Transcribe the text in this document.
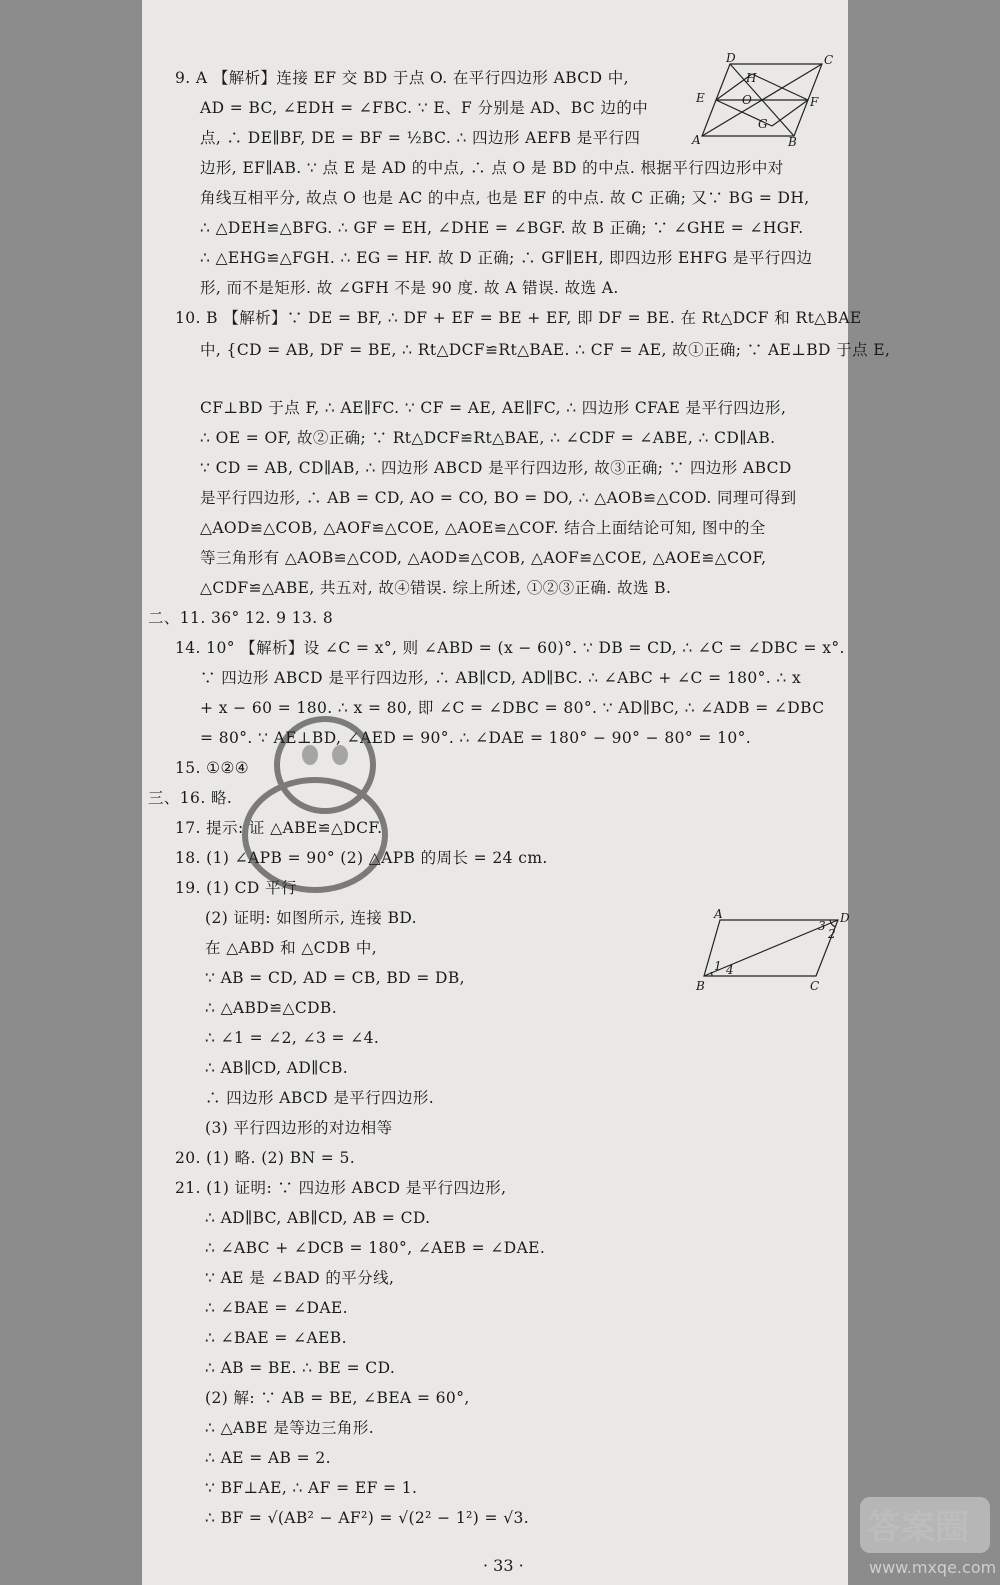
9. A 【解析】连接 EF 交 BD 于点 O. 在平行四边形 ABCD 中,
AD = BC, ∠EDH = ∠FBC. ∵ E、F 分别是 AD、BC 边的中
点, ∴ DE∥BF, DE = BF = ½BC. ∴ 四边形 AEFB 是平行四
边形, EF∥AB. ∵ 点 E 是 AD 的中点, ∴ 点 O 是 BD 的中点. 根据平行四边形中对
角线互相平分, 故点 O 也是 AC 的中点, 也是 EF 的中点. 故 C 正确; 又∵ BG = DH,
∴ △DEH≌△BFG. ∴ GF = EH, ∠DHE = ∠BGF. 故 B 正确; ∵ ∠GHE = ∠HGF.
∴ △EHG≌△FGH. ∴ EG = HF. 故 D 正确; ∴ GF∥EH, 即四边形 EHFG 是平行四边
形, 而不是矩形. 故 ∠GFH 不是 90 度. 故 A 错误. 故选 A.
10. B 【解析】∵ DE = BF, ∴ DF + EF = BE + EF, 即 DF = BE. 在 Rt△DCF 和 Rt△BAE
中, {CD = AB, DF = BE, ∴ Rt△DCF≌Rt△BAE. ∴ CF = AE, 故①正确; ∵ AE⊥BD 于点 E,
CF⊥BD 于点 F, ∴ AE∥FC. ∵ CF = AE, AE∥FC, ∴ 四边形 CFAE 是平行四边形,
∴ OE = OF, 故②正确; ∵ Rt△DCF≌Rt△BAE, ∴ ∠CDF = ∠ABE, ∴ CD∥AB.
∵ CD = AB, CD∥AB, ∴ 四边形 ABCD 是平行四边形, 故③正确; ∵ 四边形 ABCD
是平行四边形, ∴ AB = CD, AO = CO, BO = DO, ∴ △AOB≌△COD. 同理可得到
△AOD≌△COB, △AOF≌△COE, △AOE≌△COF. 结合上面结论可知, 图中的全
等三角形有 △AOB≌△COD, △AOD≌△COB, △AOF≌△COE, △AOE≌△COF,
△CDF≌△ABE, 共五对, 故④错误. 综上所述, ①②③正确. 故选 B.
二、11. 36° 12. 9 13. 8
14. 10° 【解析】设 ∠C = x°, 则 ∠ABD = (x − 60)°. ∵ DB = CD, ∴ ∠C = ∠DBC = x°.
∵ 四边形 ABCD 是平行四边形, ∴ AB∥CD, AD∥BC. ∴ ∠ABC + ∠C = 180°. ∴ x
+ x − 60 = 180. ∴ x = 80, 即 ∠C = ∠DBC = 80°. ∵ AD∥BC, ∴ ∠ADB = ∠DBC
= 80°. ∵ AE⊥BD, ∠AED = 90°. ∴ ∠DAE = 180° − 90° − 80° = 10°.
15. ①②④
三、16. 略.
17. 提示: 证 △ABE≌△DCF.
18. (1) ∠APB = 90° (2) △APB 的周长 = 24 cm.
19. (1) CD 平行
(2) 证明: 如图所示, 连接 BD.
在 △ABD 和 △CDB 中,
∵ AB = CD, AD = CB, BD = DB,
∴ △ABD≌△CDB.
∴ ∠1 = ∠2, ∠3 = ∠4.
∴ AB∥CD, AD∥CB.
∴ 四边形 ABCD 是平行四边形.
(3) 平行四边形的对边相等
20. (1) 略. (2) BN = 5.
21. (1) 证明: ∵ 四边形 ABCD 是平行四边形,
∴ AD∥BC, AB∥CD, AB = CD.
∴ ∠ABC + ∠DCB = 180°, ∠AEB = ∠DAE.
∵ AE 是 ∠BAD 的平分线,
∴ ∠BAE = ∠DAE.
∴ ∠BAE = ∠AEB.
∴ AB = BE. ∴ BE = CD.
(2) 解: ∵ AB = BE, ∠BEA = 60°,
∴ △ABE 是等边三角形.
∴ AE = AB = 2.
∵ BF⊥AE, ∴ AF = EF = 1.
∴ BF = √(AB² − AF²) = √(2² − 1²) = √3.
D	C
H
E	O	F
A
G
B
A	D
B	C
1
2
3
4
· 33 ·
答案圈
www.mxqe.com
